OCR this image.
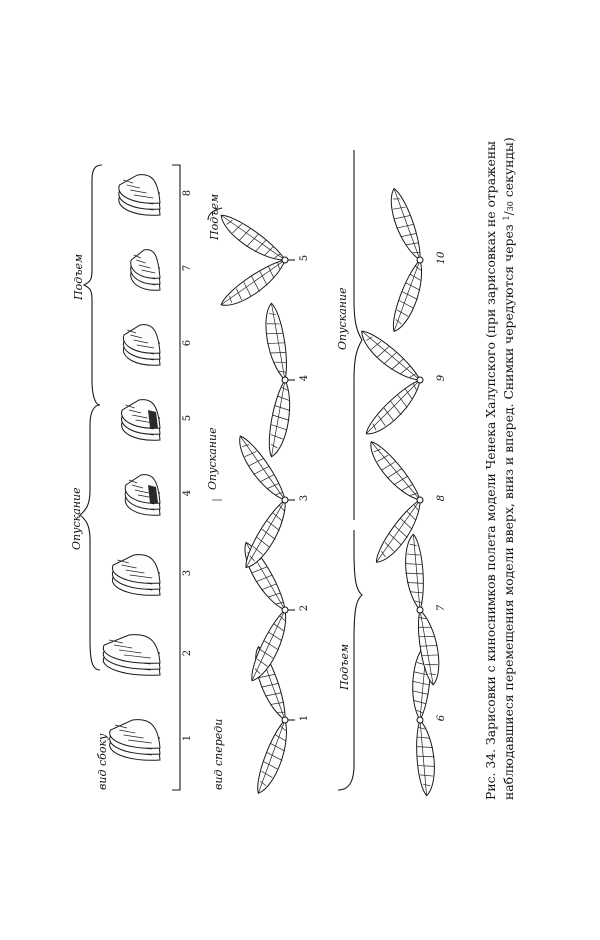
вид сбоку
Опускание
Подъем
1
2
3
4
5
6
7
8
вид спереди
Опускание
Подъем
1
2
3
4
5
Подъем
Опускание
6
7
8
9
10	Рис. 34. Зарисовки с киноснимков полета модели Ченека Халупского (при зарисовках не отражены наблюдавшиеся перемещения модели вверх, вниз и вперед. Снимки чередуются через $^1$/30 секунды)
